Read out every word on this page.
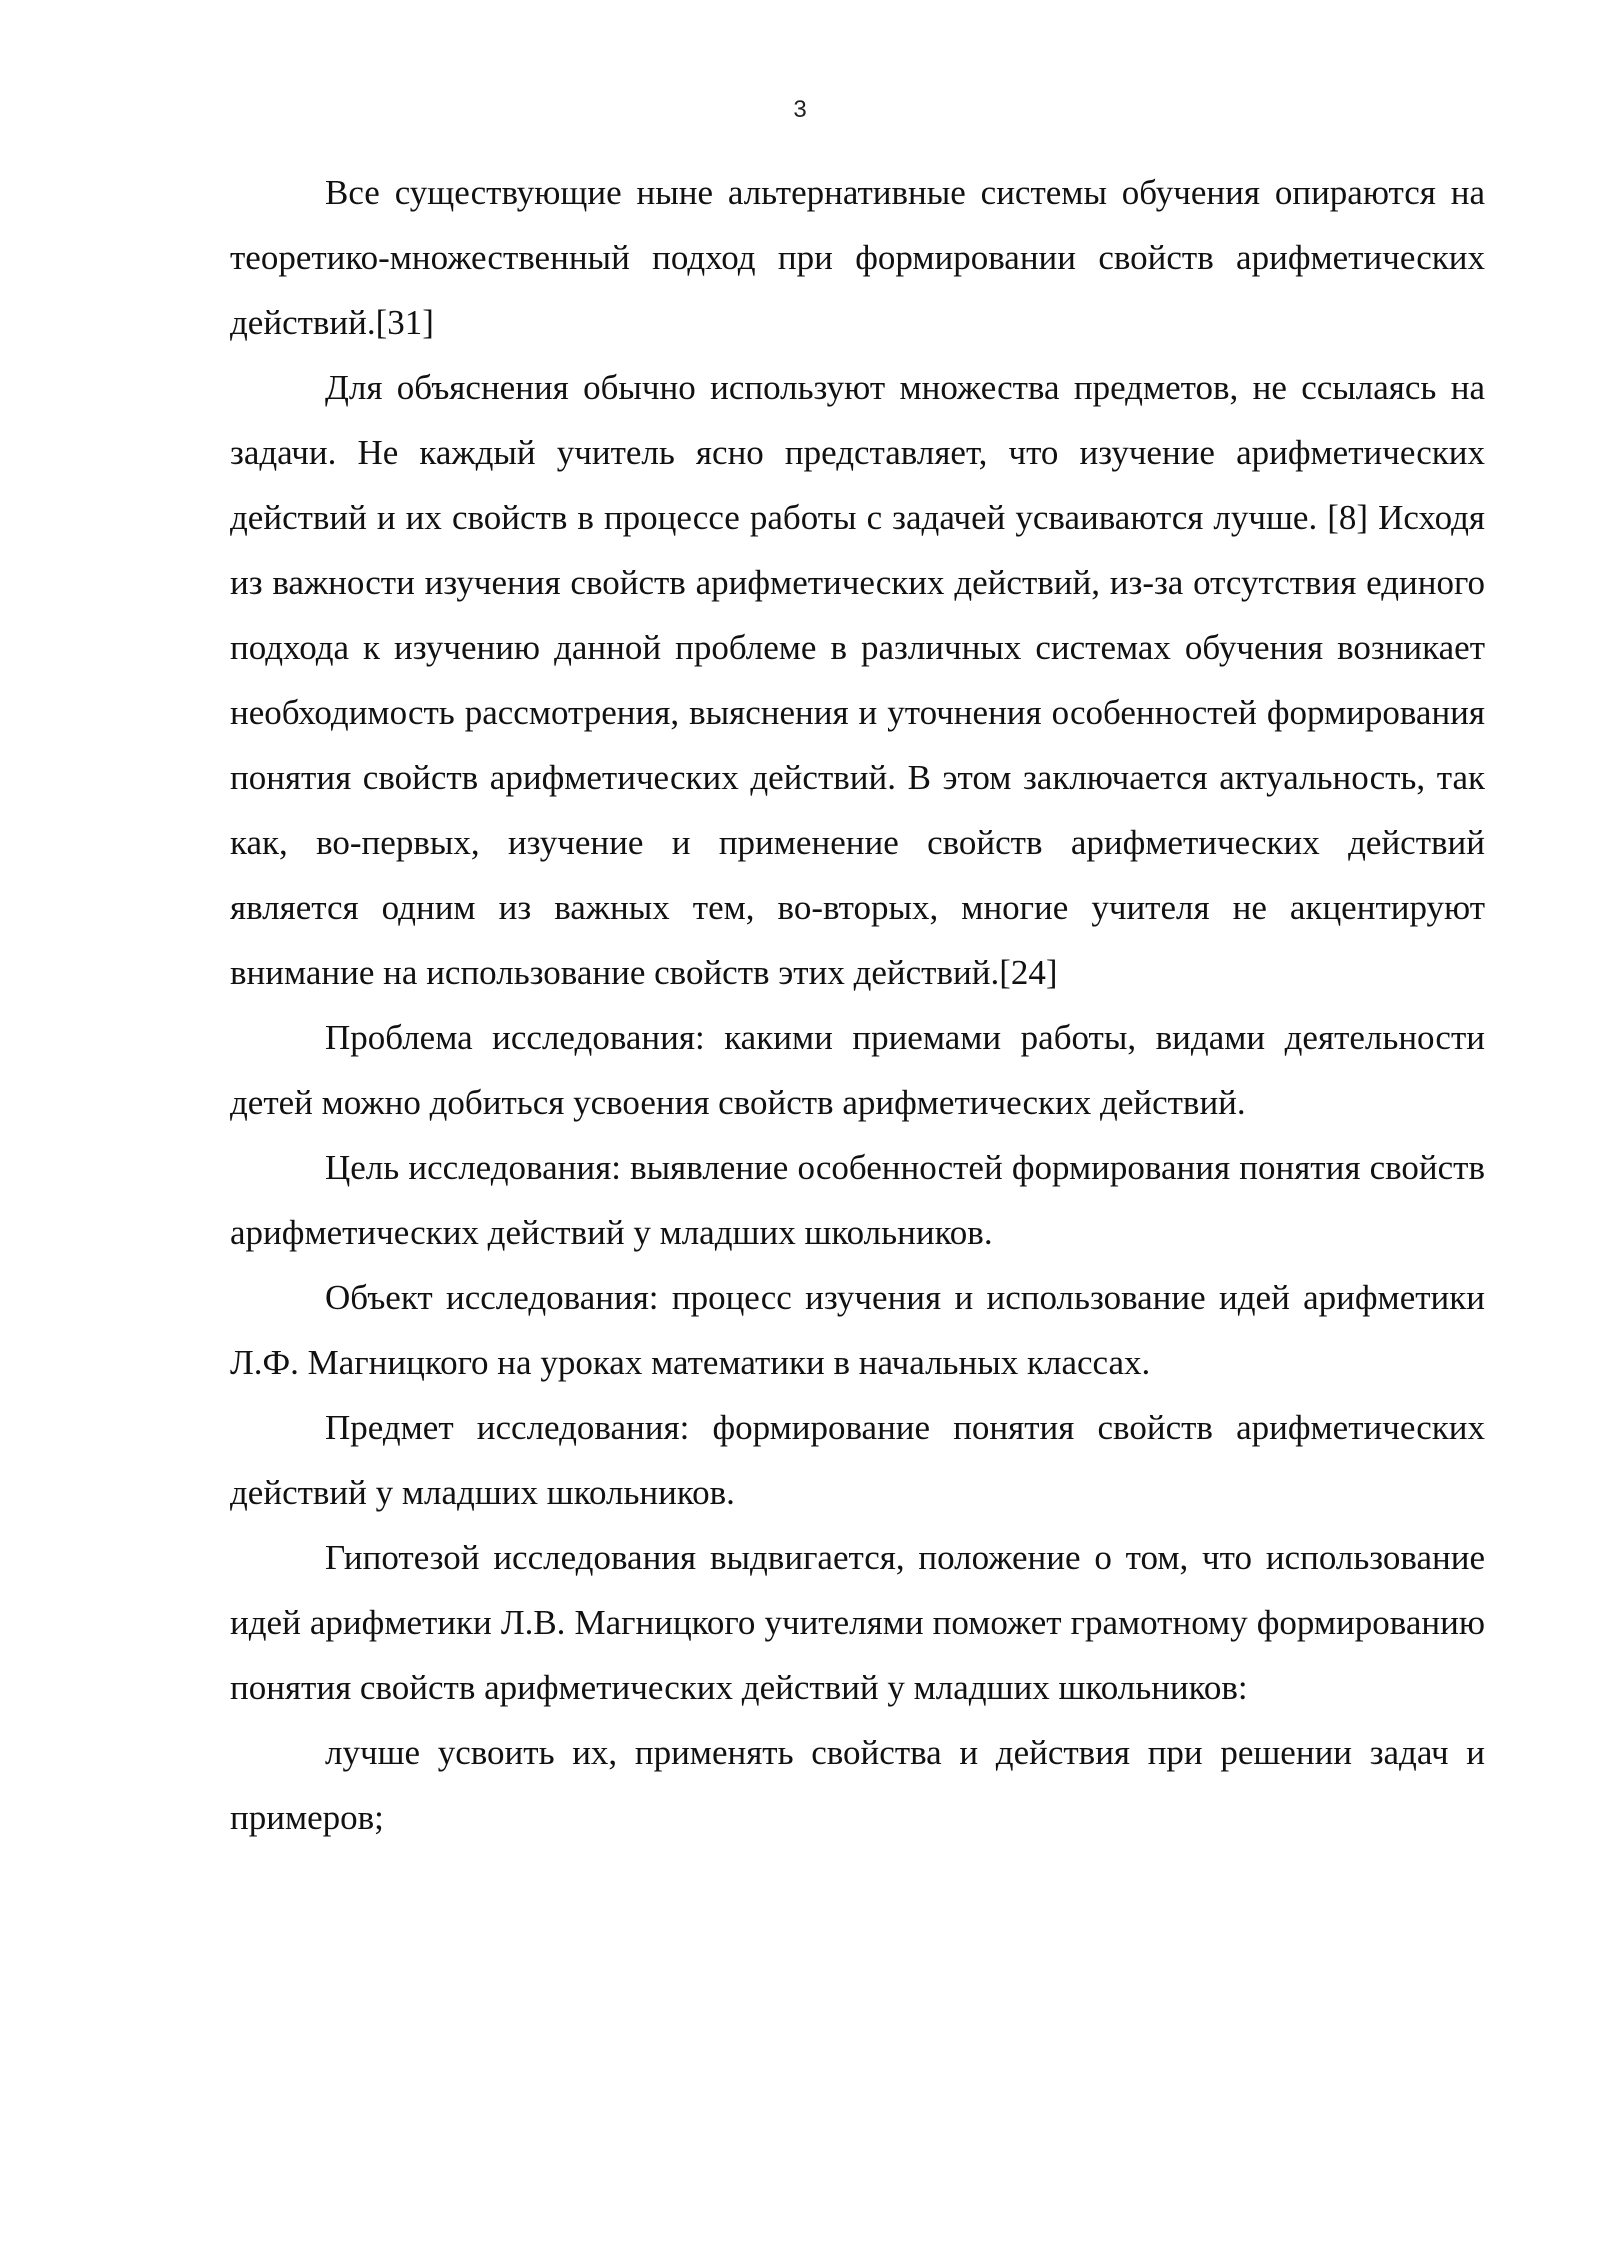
3

Все существующие ныне альтернативные системы обучения опираются на теоретико-множественный подход при формировании свойств арифметических действий.[31]

Для объяснения обычно используют множества предметов, не ссылаясь на задачи. Не каждый учитель ясно представляет, что изучение арифметических действий и их свойств в процессе работы с задачей усваиваются лучше. [8] Исходя из важности изучения свойств арифметических действий, из-за отсутствия единого подхода к изучению данной проблеме в различных системах обучения возникает необходимость рассмотрения, выяснения и уточнения особенностей формирования понятия свойств арифметических действий. В этом заключается актуальность, так как, во-первых, изучение и применение свойств арифметических действий является одним из важных тем, во-вторых, многие учителя не акцентируют внимание на использование свойств этих действий.[24]

Проблема исследования: какими приемами работы, видами деятельности детей можно добиться усвоения свойств арифметических действий.

Цель исследования: выявление особенностей формирования понятия свойств арифметических действий у младших школьников.

Объект исследования: процесс изучения и использование идей арифметики Л.Ф. Магницкого на уроках математики в начальных классах.

Предмет исследования: формирование понятия свойств арифметических действий у младших школьников.

Гипотезой исследования выдвигается, положение о том, что использование идей арифметики Л.В. Магницкого учителями поможет грамотному формированию понятия свойств арифметических действий у младших школьников:

лучше усвоить их, применять свойства и действия при решении задач и примеров;
